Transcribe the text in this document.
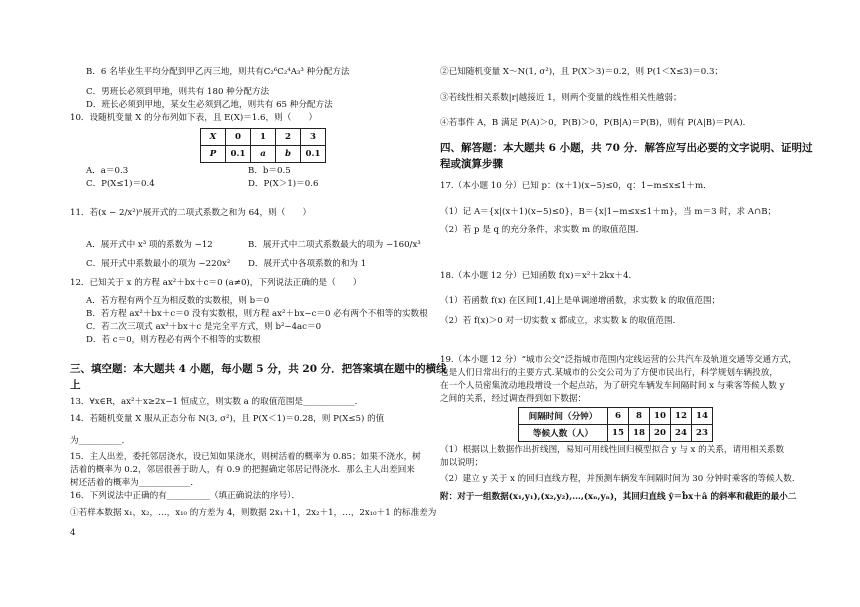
B．6 名毕业生平均分配到甲乙丙三地，则共有C₂⁶C₂⁴A₃³ 种分配方法
C．男班长必须到甲地，则共有 180 种分配方法
D．班长必须到甲地，某女生必须到乙地，则共有 65 种分配方法
10．设随机变量 X 的分布列如下表，且 E(X)＝1.6，则（　　）
X	0	1	2	3
P	0.1	a	b	0.1
A．a＝0.3	B．b＝0.5
C．P(X≤1)＝0.4	D．P(X＞1)＝0.6
11．若(x − 2/x²)ⁿ展开式的二项式系数之和为 64，则（　　）
A．展开式中 x³ 项的系数为 −12	B．展开式中二项式系数最大的项为 −160/x³
C．展开式中系数最小的项为 −220x² D．展开式中各项系数的和为 1
12．已知关于 x 的方程 ax²＋bx＋c＝0 (a≠0)，下列说法正确的是（　　）
A．若方程有两个互为相反数的实数根，则 b＝0
B．若方程 ax²＋bx＋c＝0 没有实数根，则方程 ax²＋bx−c＝0 必有两个不相等的实数根
C．若二次三项式 ax²＋bx＋c 是完全平方式，则 b²−4ac＝0
D．若 c＝0，则方程必有两个不相等的实数根
三、填空题：本大题共 4 小题，每小题 5 分，共 20 分．把答案填在题中的横线
上
13．∀x∈R，ax²＋x≥2x−1 恒成立，则实数 a 的取值范围是____________．
14．若随机变量 X 服从正态分布 N(3, σ²)，且 P(X＜1)＝0.28，则 P(X≤5) 的值
为__________．
15．主人出差，委托邻居浇水，设已知如果浇水，则树活着的概率为 0.85；如果不浇水，树
活着的概率为 0.2，邻居很善于助人，有 0.9 的把握确定邻居记得浇水．那么主人出差回来
树还活着的概率为____________．
16．下列说法中正确的有__________（填正确说法的序号）．
①若样本数据 x₁，x₂，…，x₁₀ 的方差为 4，则数据 2x₁＋1，2x₂＋1，…，2x₁₀＋1 的标准差为
4
②已知随机变量 X～N(1, σ²)，且 P(X＞3)＝0.2，则 P(1＜X≤3)＝0.3；
③若线性相关系数|r|越接近 1，则两个变量的线性相关性越弱；
④若事件 A，B 满足 P(A)＞0，P(B)＞0，P(B|A)＝P(B)，则有 P(A|B)＝P(A)．
四、解答题：本大题共 6 小题，共 70 分．解答应写出必要的文字说明、证明过
程或演算步骤
17.（本小题 10 分）已知 p：(x＋1)(x−5)≤0，q：1−m≤x≤1＋m．
（1）记 A＝{x|(x＋1)(x−5)≤0}，B＝{x|1−m≤x≤1＋m}，当 m＝3 时，求 A∩B；
（2）若 p 是 q 的充分条件，求实数 m 的取值范围．
18.（本小题 12 分）已知函数 f(x)＝x²＋2kx＋4．
（1）若函数 f(x) 在区间[1,4]上是单调递增函数，求实数 k 的取值范围；
（2）若 f(x)＞0 对一切实数 x 都成立，求实数 k 的取值范围．
19.（本小题 12 分）“城市公交”泛指城市范围内定线运营的公共汽车及轨道交通等交通方式，
也是人们日常出行的主要方式.某城市的公交公司为了方便市民出行，科学规划车辆投放，
在一个人员密集流动地段增设一个起点站，为了研究车辆发车间隔时间 x 与乘客等候人数 y
之间的关系，经过调查得到如下数据：
间隔时间（分钟）	6	8	10	12	14
等候人数（人）	15	18	20	24	23
（1）根据以上数据作出折线图，易知可用线性回归模型拟合 y 与 x 的关系，请用相关系数
加以说明；
（2）建立 y 关于 x 的回归直线方程，并预测车辆发车间隔时间为 30 分钟时乘客的等候人数.
附：对于一组数据(x₁,y₁),(x₂,y₂),…,(xₙ,yₙ)，其回归直线 ŷ＝b̂x＋â 的斜率和截距的最小二
